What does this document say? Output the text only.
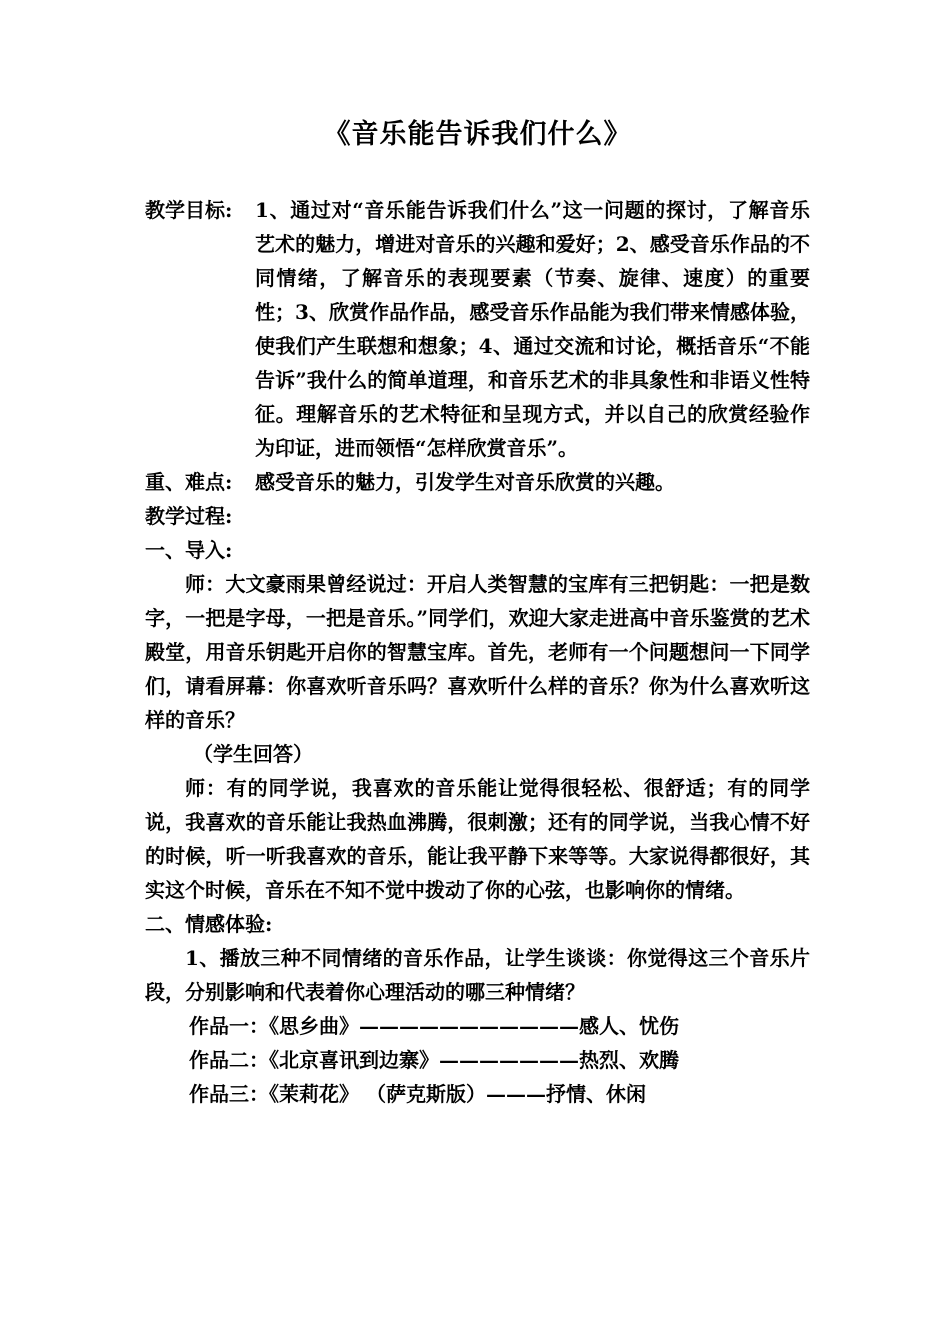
《音乐能告诉我们什么》
教学目标:	1、通过对“音乐能告诉我们什么”这一问题的探讨，了解音乐艺术的魅力，增进对音乐的兴趣和爱好；2、感受音乐作品的不同情绪，了解音乐的表现要素（节奏、旋律、速度）的重要性；3、欣赏作品作品，感受音乐作品能为我们带来情感体验，使我们产生联想和想象；4、通过交流和讨论，概括音乐“不能告诉”我什么的简单道理，和音乐艺术的非具象性和非语义性特征。理解音乐的艺术特征和呈现方式，并以自己的欣赏经验作为印证，进而领悟“怎样欣赏音乐”。
重、难点:	感受音乐的魅力，引发学生对音乐欣赏的兴趣。
教学过程:
一、导入:
师：大文豪雨果曾经说过：开启人类智慧的宝库有三把钥匙：一把是数字，一把是字母，一把是音乐。”同学们，欢迎大家走进高中音乐鉴赏的艺术殿堂，用音乐钥匙开启你的智慧宝库。首先，老师有一个问题想问一下同学们，请看屏幕：你喜欢听音乐吗？喜欢听什么样的音乐？你为什么喜欢听这样的音乐？
（学生回答）
师：有的同学说，我喜欢的音乐能让觉得很轻松、很舒适；有的同学说，我喜欢的音乐能让我热血沸腾，很刺激；还有的同学说，当我心情不好的时候，听一听我喜欢的音乐，能让我平静下来等等。大家说得都很好，其实这个时候，音乐在不知不觉中拨动了你的心弦，也影响你的情绪。
二、情感体验:
1、播放三种不同情绪的音乐作品，让学生谈谈：你觉得这三个音乐片段，分别影响和代表着你心理活动的哪三种情绪？
作品一：《思乡曲》———————————感人、忧伤
作品二：《北京喜讯到边寨》———————热烈、欢腾
作品三：《茉莉花》 （萨克斯版）———抒情、休闲
